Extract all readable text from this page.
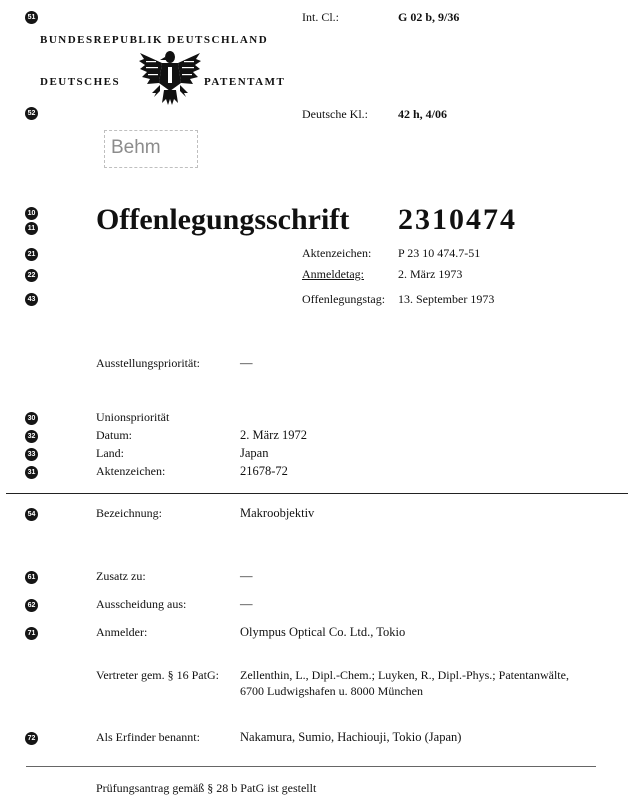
51	Int. Cl.:	G 02 b, 9/36
BUNDESREPUBLIK DEUTSCHLAND
DEUTSCHES	PATENTAMT
52	Deutsche Kl.:	42 h, 4/06
Behm
10
11 Offenlegungsschrift 2310474
21	Aktenzeichen: P 23 10 474.7-51
22	Anmeldetag:	2. März 1973
43	Offenlegungstag: 13. September 1973
Ausstellungspriorität:	—
30	Unionspriorität
32	Datum:	2. März 1972
33	Land:	Japan
31	Aktenzeichen:	21678-72
54	Bezeichnung:	Makroobjektiv
61	Zusatz zu:	—
62	Ausscheidung aus:	—
71	Anmelder:	Olympus Optical Co. Ltd., Tokio
Vertreter gem. § 16 PatG: Zellenthin, L., Dipl.-Chem.; Luyken, R., Dipl.-Phys.; Patentanwälte,
6700 Ludwigshafen u. 8000 München
72	Als Erfinder benannt:	Nakamura, Sumio, Hachiouji, Tokio (Japan)
Prüfungsantrag gemäß § 28 b PatG ist gestellt
